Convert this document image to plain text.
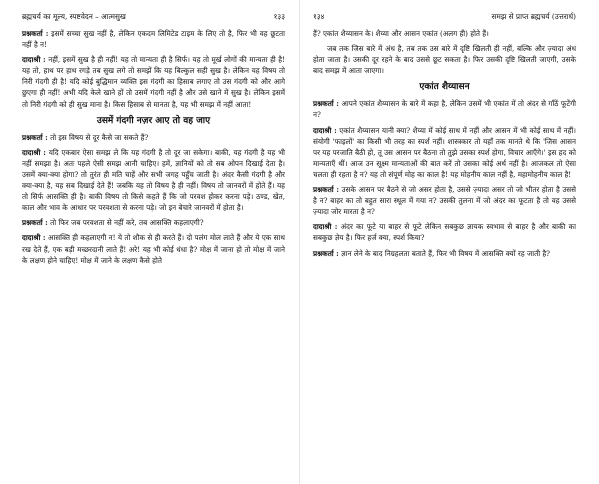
ब्रह्मचर्य का मूल्य, स्पष्टवेदन – आत्मसुख	१३३

प्रश्नकर्ता : इसमें सच्चा सुख नहीं है, लेकिन एकदम लिमिटेड टाइम के लिए तो है, फिर भी वह छूटता नहीं है न!

दादाश्री : नहीं, इसमें सुख है ही नहीं! यह तो मान्यता ही है सिर्फ। यह तो मूर्ख लोगों की मान्यता ही है! यह तो, हाथ पर हाथ रगड़े तब सुख लगे तो समझें कि यह बिल्कुल सही सुख है। लेकिन यह विषय तो निरी गंदगी ही है! यदि कोई बुद्धिमान व्यक्ति इस गंदगी का हिसाब लगाए तो उस गंदगी को और आगे छुएगा ही नहीं! अभी यदि केले खाने हों तो उसमें गंदगी नहीं है और उसे खाने में सुख है। लेकिन इसमें तो निरी गंदगी को ही सुख माना है। किस हिसाब से मानता है, यह भी समझ में नहीं आता!

उसमें गंदगी नज़र आए तो वह जाए

प्रश्नकर्ता : तो इस विषय से दूर कैसे जा सकते हैं?

दादाश्री : यदि एकबार ऐसा समझ ले कि यह गंदगी है तो दूर जा सकेगा। बाकी, यह गंदगी है यह भी नहीं समझा है। अतः पहले ऐसी समझ आनी चाहिए। हमें, ज्ञानियों को तो सब ओपन दिखाई देता है। उसमें क्या-क्या होगा? तो तुरंत ही मति चाहें और सभी जगह पहुँच जाती है। अंदर कैसी गंदगी है और क्या-क्या है, यह सब दिखाई देते हैं! जबकि यह तो विषय है ही नहीं। विषय तो जानवरों में होते हैं। यह तो सिर्फ आसक्ति ही है। बाकी विषय तो किसे कहते हैं कि जो परवश होकर करना पड़े। ठण्ड, खेत, काल और भाव के आधार पर परवशता से करना पड़े। जो इन बेचारे जानवरों में होता है।

प्रश्नकर्ता : तो फिर जब परवशता से नहीं करे, तब आसक्ति कहलाएगी?

दादाश्री : आसक्ति ही कहलाएगी न! ये तो शौक से ही करते हैं। दो पलंग मोल लाते हैं और ये एक साथ रख देते हैं, एक बड़ी मच्छरदानी लाते हैं! अरे! यह भी कोई धंधा है? मोक्ष में जाना हो तो मोक्ष में जाने के लक्षण होने चाहिए! मोक्ष में जाने के लक्षण कैसे होते

१३४	समझ से प्राप्त ब्रह्मचर्य (उत्तरार्ध)

हैं? एकांत शैय्यासन के। शैय्या और आसन एकांत (अलग ही) होते हैं।

जब तक जिस बारे में अंध है, तब तक उस बारे में दृष्टि खिलती ही नहीं, बल्कि और ज़्यादा अंध होता जाता है। उसकी दूर रहने के बाद उससे छूट सकता है। फिर उसकी दृष्टि खिलती जाएगी, उसके बाद समझ में आता जाएगा।

एकांत शैय्यासन

प्रश्नकर्ता : आपने एकांत शैय्यासन के बारे में कहा है, लेकिन उसमें भी एकांत में तो अंदर से गाँठें फूटेंगी न?

दादाश्री : एकांत शैय्यासन यानी क्या? शैय्या में कोई साथ में नहीं और आसन में भी कोई साथ में नहीं। संयोगी 'फाइलों' का किसी भी तरह का स्पर्श नहीं। शास्त्रकार तो यहाँ तक मानते थे कि 'जिस आसन पर यह परजाति बैठी हो, तू उस आसन पर बैठना तो तुझे उसका स्पर्श होगा, विचार आएँगे।' इस हद को मान्यताएँ थीं। आज उन सूक्ष्म मान्यताओं की बात करें तो उसका कोई अर्थ नहीं है। आजकल तो ऐसा चलता ही रहता है न? यह तो संपूर्ण मोह का काल है! यह मोहनीय काल नहीं है, महामोहनीय काल है!

प्रश्नकर्ता : उसके आसन पर बैठने से जो असर होता है, उससे ज़्यादा असर तो जो भीतर होता है उससे है न? बाहर का तो बहुत सारा स्थूल में गया न? उसकी तुलना में जो अंदर का फूटता है तो वह उससे ज़्यादा जोर मारता है न?

दादाश्री : अंदर का फूटे या बाहर से फूटे लेकिन सबकुछ ज्ञायक स्वभाव से बाहर है और बाकी का सबकुछ ज्ञेय है। फिर हर्ज क्या, स्पर्श किया?

प्रश्नकर्ता : ज्ञान लेने के बाद निग्रहलता बताते हैं, फिर भी विषय में आसक्ति क्यों रह जाती है?
